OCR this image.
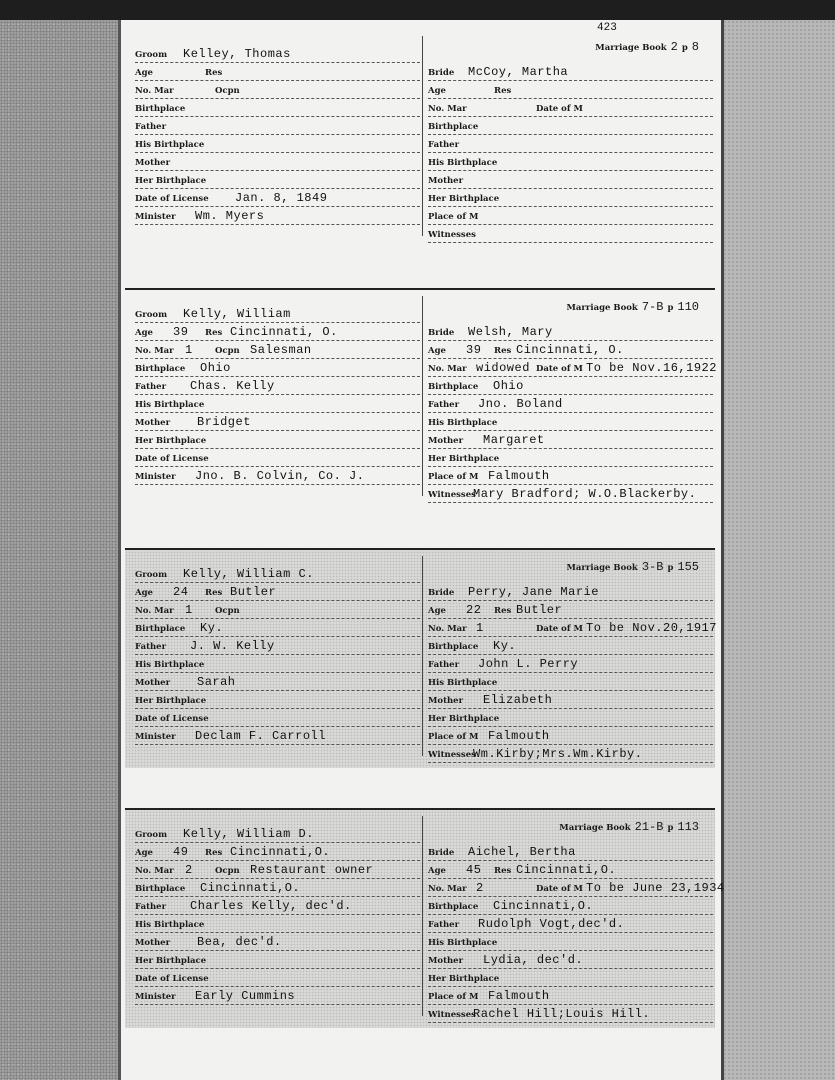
423
Groom Kelley, Thomas
Age	Res
No. Mar	Ocpn
Birthplace
Father
His Birthplace
Mother
Her Birthplace
Date of License Jan. 8, 1849
Minister Wm. Myers
Marriage Book 2 p 8
Bride McCoy, Martha
Age	Res
No. Mar	Date of M
Birthplace
Father
His Birthplace
Mother
Her Birthplace
Place of M
Witnesses
Groom Kelly, William
Age 39 Res Cincinnati, O.
No. Mar 1	Ocpn Salesman
Birthplace Ohio
Father Chas. Kelly
His Birthplace
Mother Bridget
Her Birthplace
Date of License
Minister Jno. B. Colvin, Co. J.
Marriage Book 7-B p 110
Bride Welsh, Mary
Age 39 Res Cincinnati, O.
No. Mar widowed Date of M To be Nov.16,1922
Birthplace Ohio
Father Jno. Boland
His Birthplace
Mother Margaret
Her Birthplace
Place of M Falmouth
Witnesses
Mary Bradford; W.O.Blackerby.
Groom Kelly, William C.
Age 24 Res Butler
No. Mar 1	Ocpn
Birthplace Ky.
Father J. W. Kelly
His Birthplace
Mother Sarah
Her Birthplace
Date of License
Minister Declam F. Carroll
Marriage Book 3-B p 155
Bride Perry, Jane Marie
Age 22 Res Butler
No. Mar 1	Date of M To be Nov.20,1917
Birthplace Ky.
Father John L. Perry
His Birthplace
Mother Elizabeth
Her Birthplace
Place of M Falmouth
Witnesses
Wm.Kirby;Mrs.Wm.Kirby.
Groom Kelly, William D.
Age 49 Res Cincinnati,O.
No. Mar 2	Ocpn Restaurant owner
Birthplace Cincinnati,O.
Father Charles Kelly, dec'd.
His Birthplace
Mother Bea, dec'd.
Her Birthplace
Date of License
Minister Early Cummins
Marriage Book 21-B p 113
Bride Aichel, Bertha
Age 45 Res Cincinnati,O.
No. Mar 2	Date of M To be June 23,1934
Birthplace Cincinnati,O.
Father Rudolph Vogt,dec'd.
His Birthplace
Mother Lydia, dec'd.
Her Birthplace
Place of M Falmouth
Witnesses
Rachel Hill;Louis Hill.
